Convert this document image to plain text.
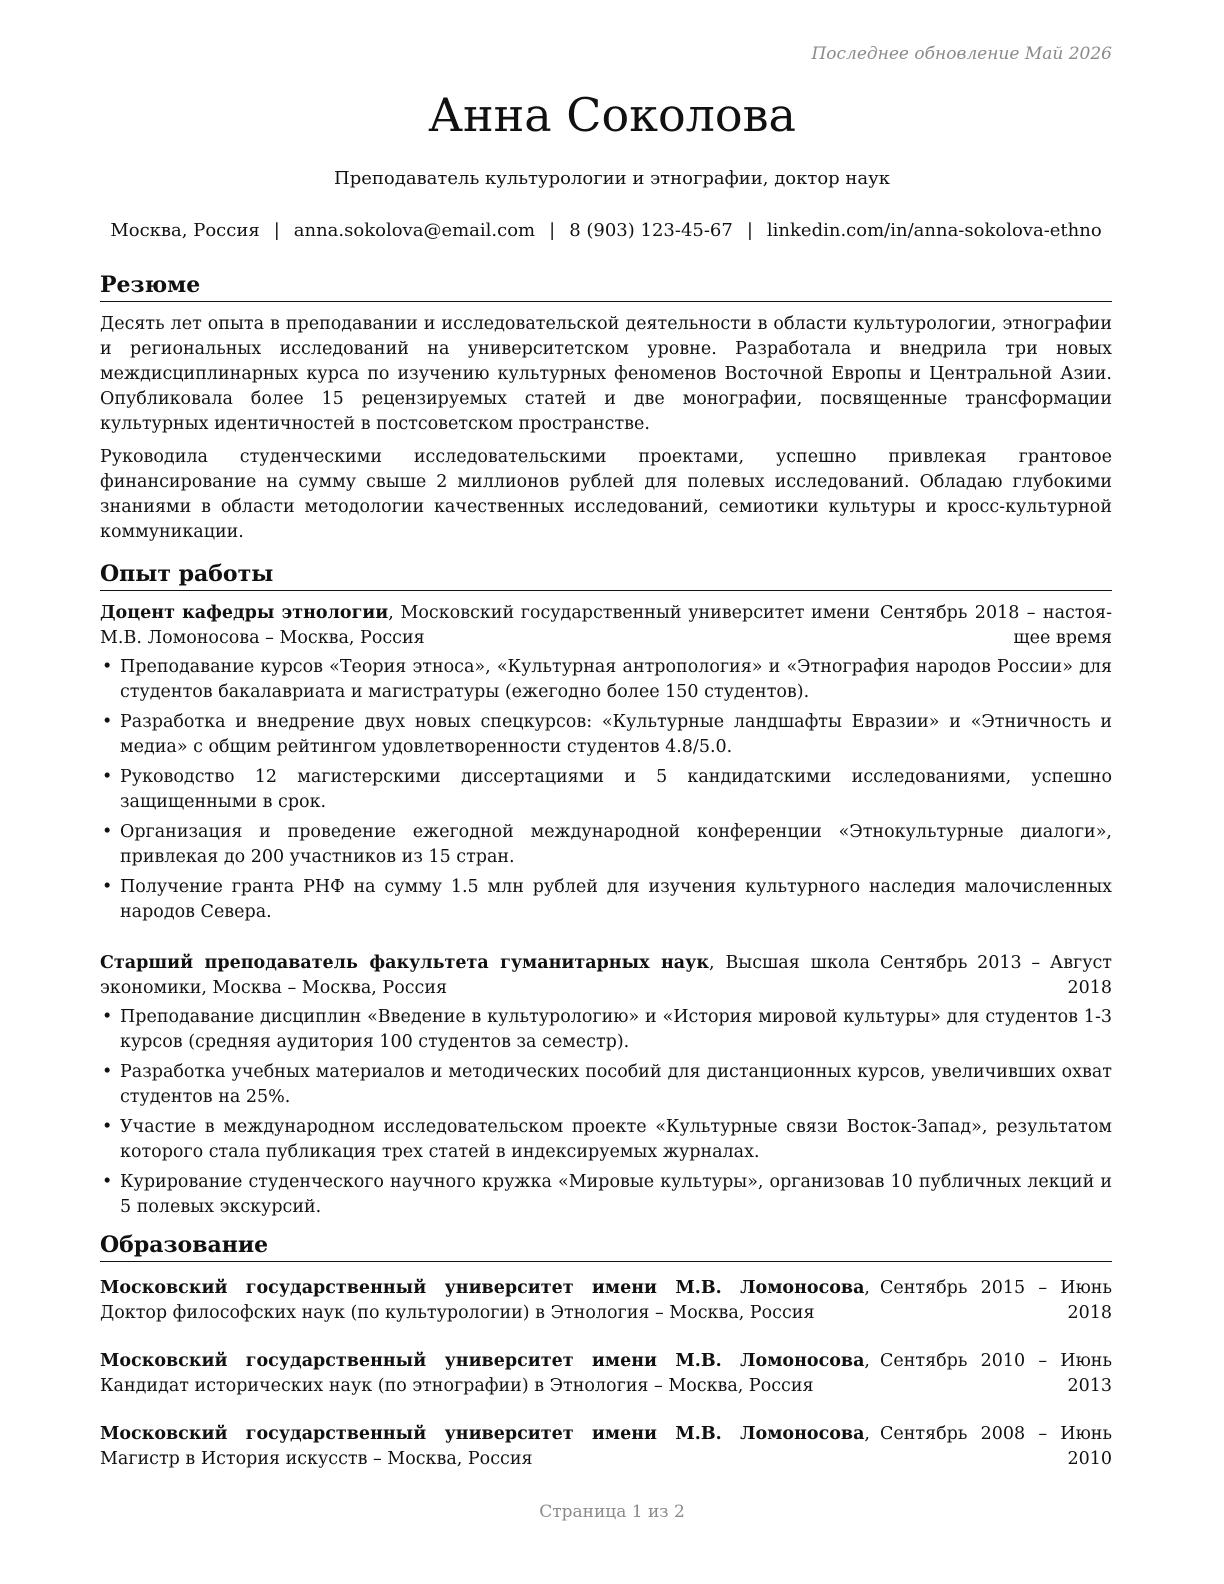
Последнее обновление Май 2026
Анна Соколова
Преподаватель культурологии и этнографии, доктор наук
Москва, Россия | anna.sokolova@email.com | 8 (903) 123-45-67 | linkedin.com/in/anna-sokolova-ethno
Резюме

Десять лет опыта в преподавании и исследовательской деятельности в области культурологии, этнографии и региональных исследований на университетском уровне. Разработала и внедрила три новых междисциплинарных курса по изучению культурных феноменов Восточной Европы и Центральной Азии. Опубликовала более 15 рецензируемых статей и две монографии, посвященные трансформации культурных идентичностей в постсоветском пространстве.

Руководила студенческими исследовательскими проектами, успешно привлекая грантовое финансирование на сумму свыше 2 миллионов рублей для полевых исследований. Обладаю глубокими знаниями в области методологии качественных исследований, семиотики культуры и кросс-культурной коммуникации.

Опыт работы
Доцент кафедры этнологии, Московский государственный университет имени М.В. Ломоносова – Москва, Россия
Сентябрь 2018 – настоящее время
• Преподавание курсов «Теория этноса», «Культурная антропология» и «Этнография народов России» для студентов бакалавриата и магистратуры (ежегодно более 150 студентов).
• Разработка и внедрение двух новых спецкурсов: «Культурные ландшафты Евразии» и «Этничность и медиа» с общим рейтингом удовлетворенности студентов 4.8/5.0.
• Руководство 12 магистерскими диссертациями и 5 кандидатскими исследованиями, успешно защищенными в срок.
• Организация и проведение ежегодной международной конференции «Этнокультурные диалоги», привлекая до 200 участников из 15 стран.
• Получение гранта РНФ на сумму 1.5 млн рублей для изучения культурного наследия малочисленных народов Севера.
Старший преподаватель факультета гуманитарных наук, Высшая школа экономики, Москва – Москва, Россия
Сентябрь 2013 – Август 2018
• Преподавание дисциплин «Введение в культурологию» и «История мировой культуры» для студентов 1-3 курсов (средняя аудитория 100 студентов за семестр).
• Разработка учебных материалов и методических пособий для дистанционных курсов, увеличивших охват студентов на 25%.
• Участие в международном исследовательском проекте «Культурные связи Восток-Запад», результатом которого стала публикация трех статей в индексируемых журналах.
• Курирование студенческого научного кружка «Мировые культуры», организовав 10 публичных лекций и 5 полевых экскурсий.
Образование
Московский государственный университет имени М.В. Ломоносова, Доктор философских наук (по культурологии) в Этнология – Москва, Россия
Сентябрь 2015 – Июнь 2018
Московский государственный университет имени М.В. Ломоносова, Кандидат исторических наук (по этнографии) в Этнология – Москва, Россия
Сентябрь 2010 – Июнь 2013
Московский государственный университет имени М.В. Ломоносова, Магистр в История искусств – Москва, Россия
Сентябрь 2008 – Июнь 2010
Страница 1 из 2
